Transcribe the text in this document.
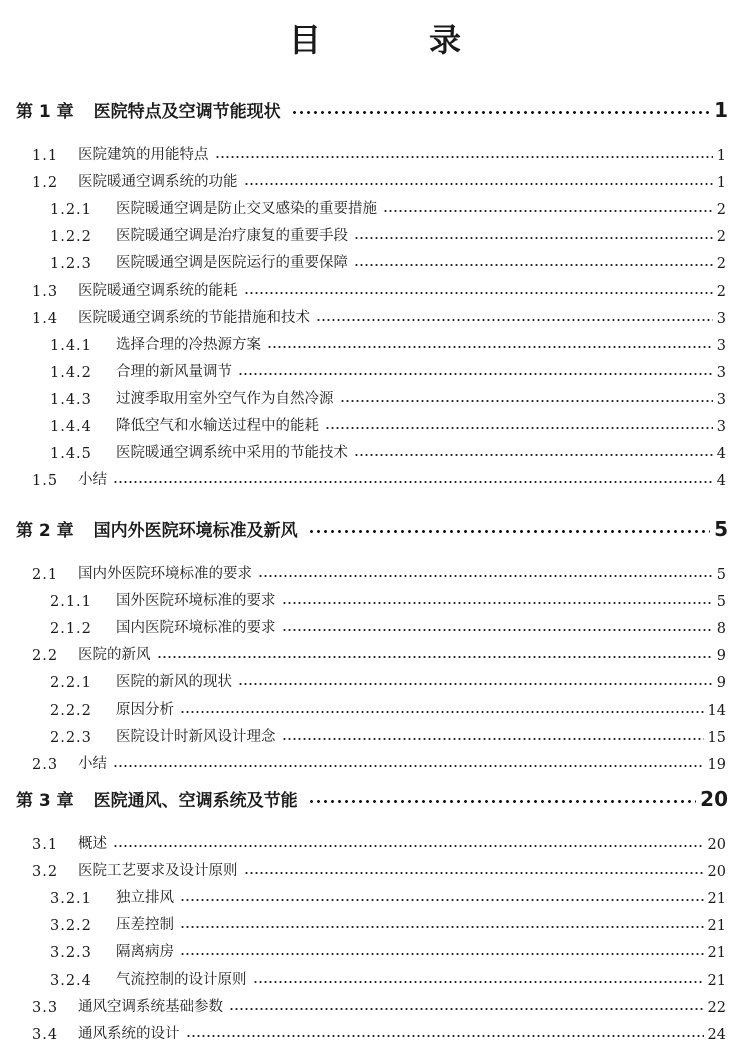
目　录
第 1 章 医院特点及空调节能现状	1
1.1	医院建筑的用能特点	1
1.2	医院暖通空调系统的功能	1
1.2.1	医院暖通空调是防止交叉感染的重要措施	2
1.2.2	医院暖通空调是治疗康复的重要手段	2
1.2.3	医院暖通空调是医院运行的重要保障	2
1.3	医院暖通空调系统的能耗	2
1.4	医院暖通空调系统的节能措施和技术	3
1.4.1	选择合理的冷热源方案	3
1.4.2	合理的新风量调节	3
1.4.3	过渡季取用室外空气作为自然冷源	3
1.4.4	降低空气和水输送过程中的能耗	3
1.4.5	医院暖通空调系统中采用的节能技术	4
1.5	小结	4
第 2 章 国内外医院环境标准及新风	5
2.1	国内外医院环境标准的要求	5
2.1.1	国外医院环境标准的要求	5
2.1.2	国内医院环境标准的要求	8
2.2	医院的新风	9
2.2.1	医院的新风的现状	9
2.2.2	原因分析	14
2.2.3	医院设计时新风设计理念	15
2.3	小结	19
第 3 章 医院通风、空调系统及节能	20
3.1	概述	20
3.2	医院工艺要求及设计原则	20
3.2.1	独立排风	21
3.2.2	压差控制	21
3.2.3	隔离病房	21
3.2.4	气流控制的设计原则	21
3.3	通风空调系统基础参数	22
3.4	通风系统的设计	24
